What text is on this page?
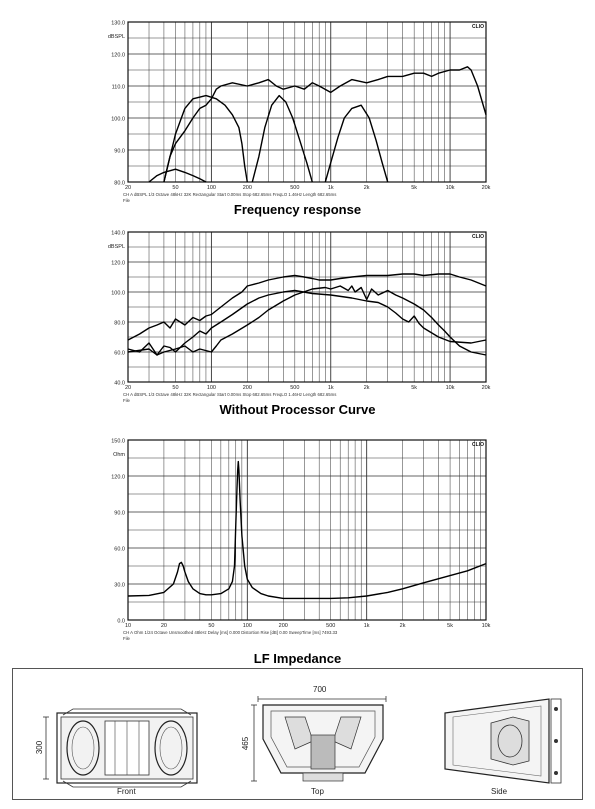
130.0
120.0
110.0
100.0
90.0
80.0
dBSPL
20	50	100	200	500	1k	2k	5k	10k	20k
CLIO
CH A dBSPL 1/3 Octave 48kHz 32K Rectangular Start 0.00ms Stop 682.65ms FreqLO 1.46Hz Length 682.65ms
File
Frequency response
140.0
120.0
100.0
80.0
60.0
40.0
dBSPL
20	50	100	200	500	1k	2k	5k	10k	20k
CLIO
CH A dBSPL 1/3 Octave 48kHz 32K Rectangular Start 0.00ms Stop 682.65ms FreqLO 1.46Hz Length 682.65ms
File
Without Processor Curve
150.0
120.0
90.0
60.0
30.0
0.0
Ohm
10	20	50	100	200	500	1k	2k	5k	10k
CLIO
CH A Ohm 1/24 Octave Unsmoothed 48kHz Delay [ms] 0.000 Distortion Rise [dB] 0.00 SweepTime [ms] 7493.33
File
LF Impedance
Front	Top	Side
700
300	465
